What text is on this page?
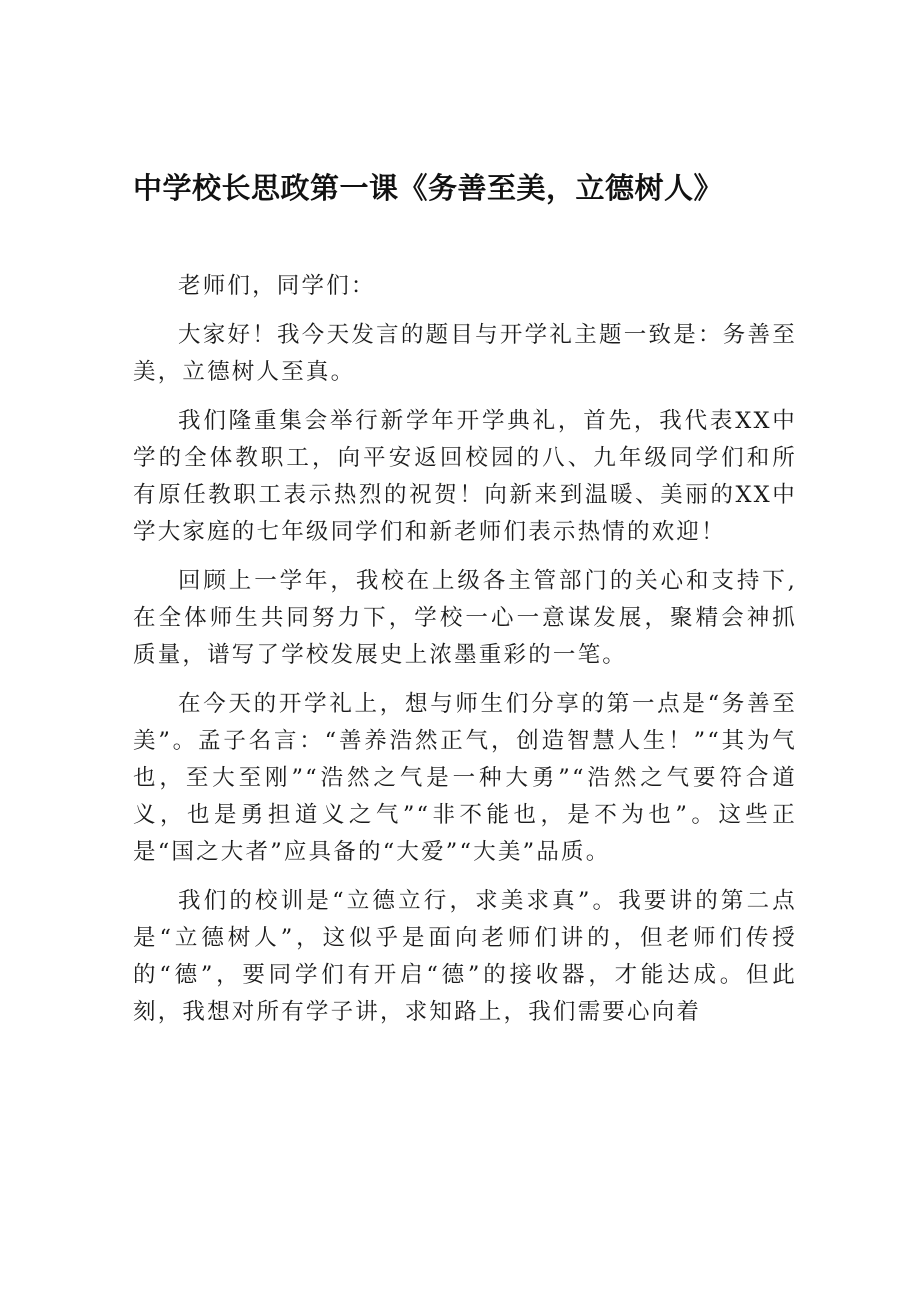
中学校长思政第一课《务善至美，立德树人》

老师们，同学们：

大家好！我今天发言的题目与开学礼主题一致是：务善至美，立德树人至真。

我们隆重集会举行新学年开学典礼，首先，我代表XX中学的全体教职工，向平安返回校园的八、九年级同学们和所有原任教职工表示热烈的祝贺！向新来到温暖、美丽的XX中学大家庭的七年级同学们和新老师们表示热情的欢迎！

回顾上一学年，我校在上级各主管部门的关心和支持下,在全体师生共同努力下，学校一心一意谋发展，聚精会神抓质量，谱写了学校发展史上浓墨重彩的一笔。

在今天的开学礼上，想与师生们分享的第一点是“务善至美”。孟子名言：“善养浩然正气，创造智慧人生！”“其为气也，至大至刚”“浩然之气是一种大勇”“浩然之气要符合道义，也是勇担道义之气”“非不能也，是不为也”。这些正是“国之大者”应具备的“大爱”“大美”品质。

我们的校训是“立德立行，求美求真”。我要讲的第二点是“立德树人”，这似乎是面向老师们讲的，但老师们传授的“德”，要同学们有开启“德”的接收器，才能达成。但此刻，我想对所有学子讲，求知路上，我们需要心向着
